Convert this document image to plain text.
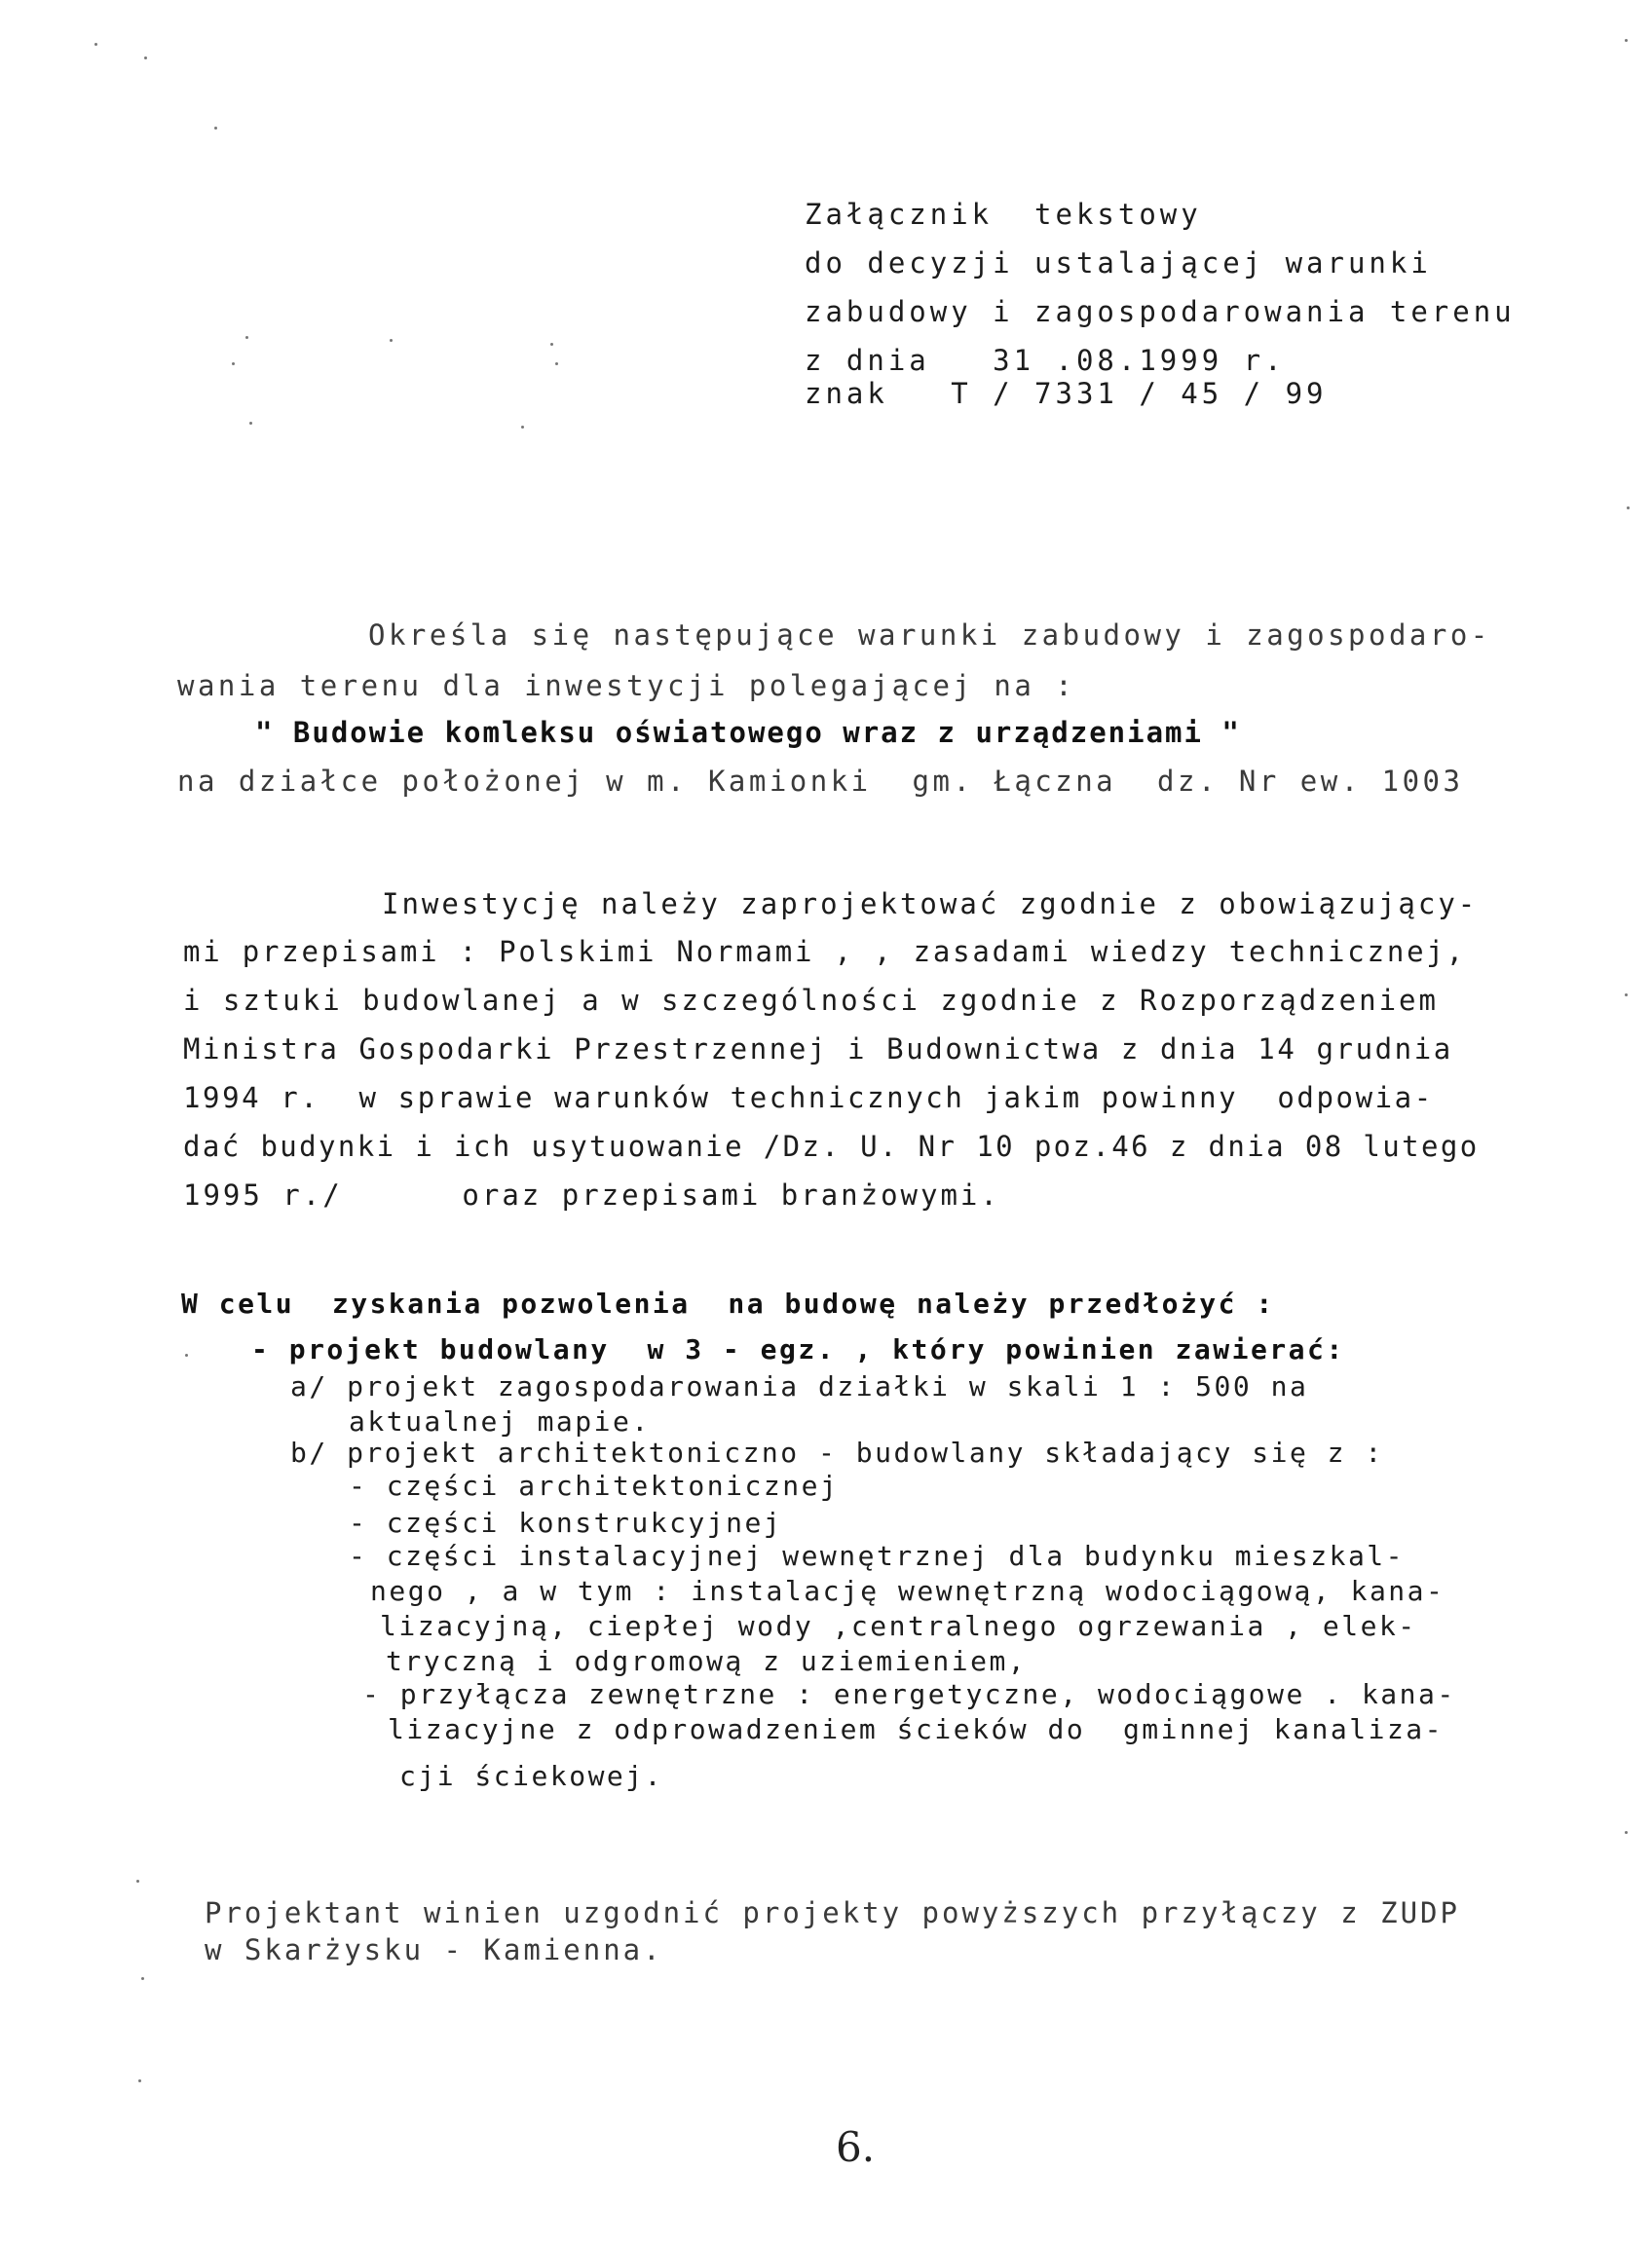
Załącznik  tekstowy
do decyzji ustalającej warunki
zabudowy i zagospodarowania terenu
z dnia   31 .08.1999 r.
znak   T / 7331 / 45 / 99
Określa się następujące warunki zabudowy i zagospodaro-
wania terenu dla inwestycji polegającej na :
" Budowie komleksu oświatowego wraz z urządzeniami "
na działce położonej w m. Kamionki  gm. Łączna  dz. Nr ew. 1003
Inwestycję należy zaprojektować zgodnie z obowiązujący-
mi przepisami : Polskimi Normami , , zasadami wiedzy technicznej,
i sztuki budowlanej a w szczególności zgodnie z Rozporządzeniem
Ministra Gospodarki Przestrzennej i Budownictwa z dnia 14 grudnia
1994 r.  w sprawie warunków technicznych jakim powinny  odpowia-
dać budynki i ich usytuowanie /Dz. U. Nr 10 poz.46 z dnia 08 lutego
1995 r./      oraz przepisami branżowymi.
W celu  zyskania pozwolenia  na budowę należy przedłożyć :
- projekt budowlany  w 3 - egz. , który powinien zawierać:
a/ projekt zagospodarowania działki w skali 1 : 500 na
aktualnej mapie.
b/ projekt architektoniczno - budowlany składający się z :
- części architektonicznej
- części konstrukcyjnej
- części instalacyjnej wewnętrznej dla budynku mieszkal-
nego , a w tym : instalację wewnętrzną wodociągową, kana-
lizacyjną, ciepłej wody ,centralnego ogrzewania , elek-
tryczną i odgromową z uziemieniem,
- przyłącza zewnętrzne : energetyczne, wodociągowe . kana-
lizacyjne z odprowadzeniem ścieków do  gminnej kanaliza-
cji ściekowej.
Projektant winien uzgodnić projekty powyższych przyłączy z ZUDP
w Skarżysku - Kamienna.
6.
